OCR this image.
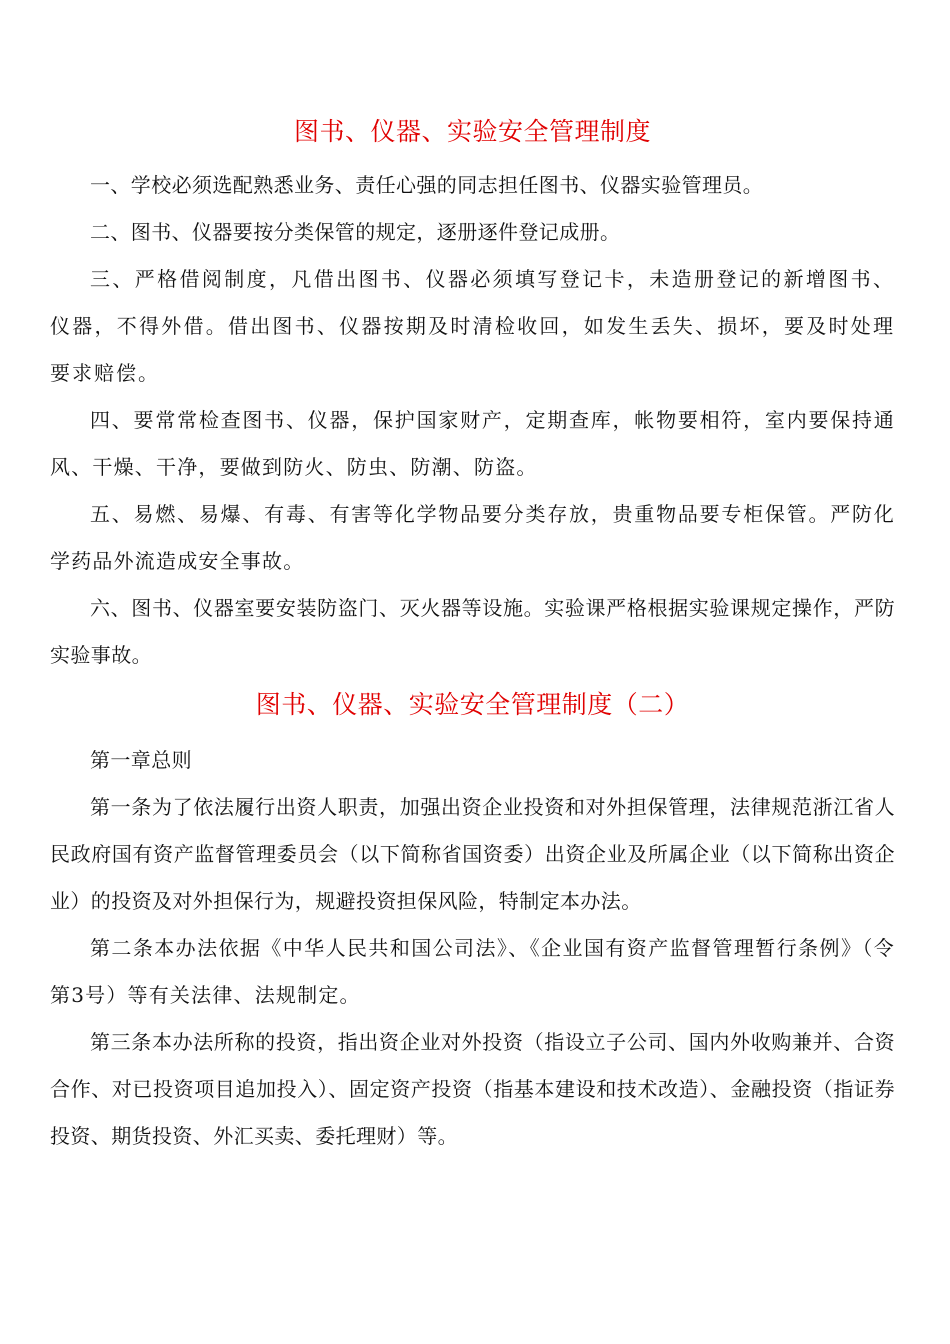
图书、仪器、实验安全管理制度

一、学校必须选配熟悉业务、责任心强的同志担任图书、仪器实验管理员。

二、图书、仪器要按分类保管的规定，逐册逐件登记成册。

三、严格借阅制度，凡借出图书、仪器必须填写登记卡，未造册登记的新增图书、仪器，不得外借。借出图书、仪器按期及时清检收回，如发生丢失、损坏，要及时处理要求赔偿。

四、要常常检查图书、仪器，保护国家财产，定期查库，帐物要相符，室内要保持通风、干燥、干净，要做到防火、防虫、防潮、防盗。

五、易燃、易爆、有毒、有害等化学物品要分类存放，贵重物品要专柜保管。严防化学药品外流造成安全事故。

六、图书、仪器室要安装防盗门、灭火器等设施。实验课严格根据实验课规定操作，严防实验事故。

图书、仪器、实验安全管理制度（二）

第一章总则

第一条为了依法履行出资人职责，加强出资企业投资和对外担保管理，法律规范浙江省人民政府国有资产监督管理委员会（以下简称省国资委）出资企业及所属企业（以下简称出资企业）的投资及对外担保行为，规避投资担保风险，特制定本办法。

第二条本办法依据《中华人民共和国公司法》、《企业国有资产监督管理暂行条例》（令第3号）等有关法律、法规制定。

第三条本办法所称的投资，指出资企业对外投资（指设立子公司、国内外收购兼并、合资合作、对已投资项目追加投入）、固定资产投资（指基本建设和技术改造）、金融投资（指证券投资、期货投资、外汇买卖、委托理财）等。
